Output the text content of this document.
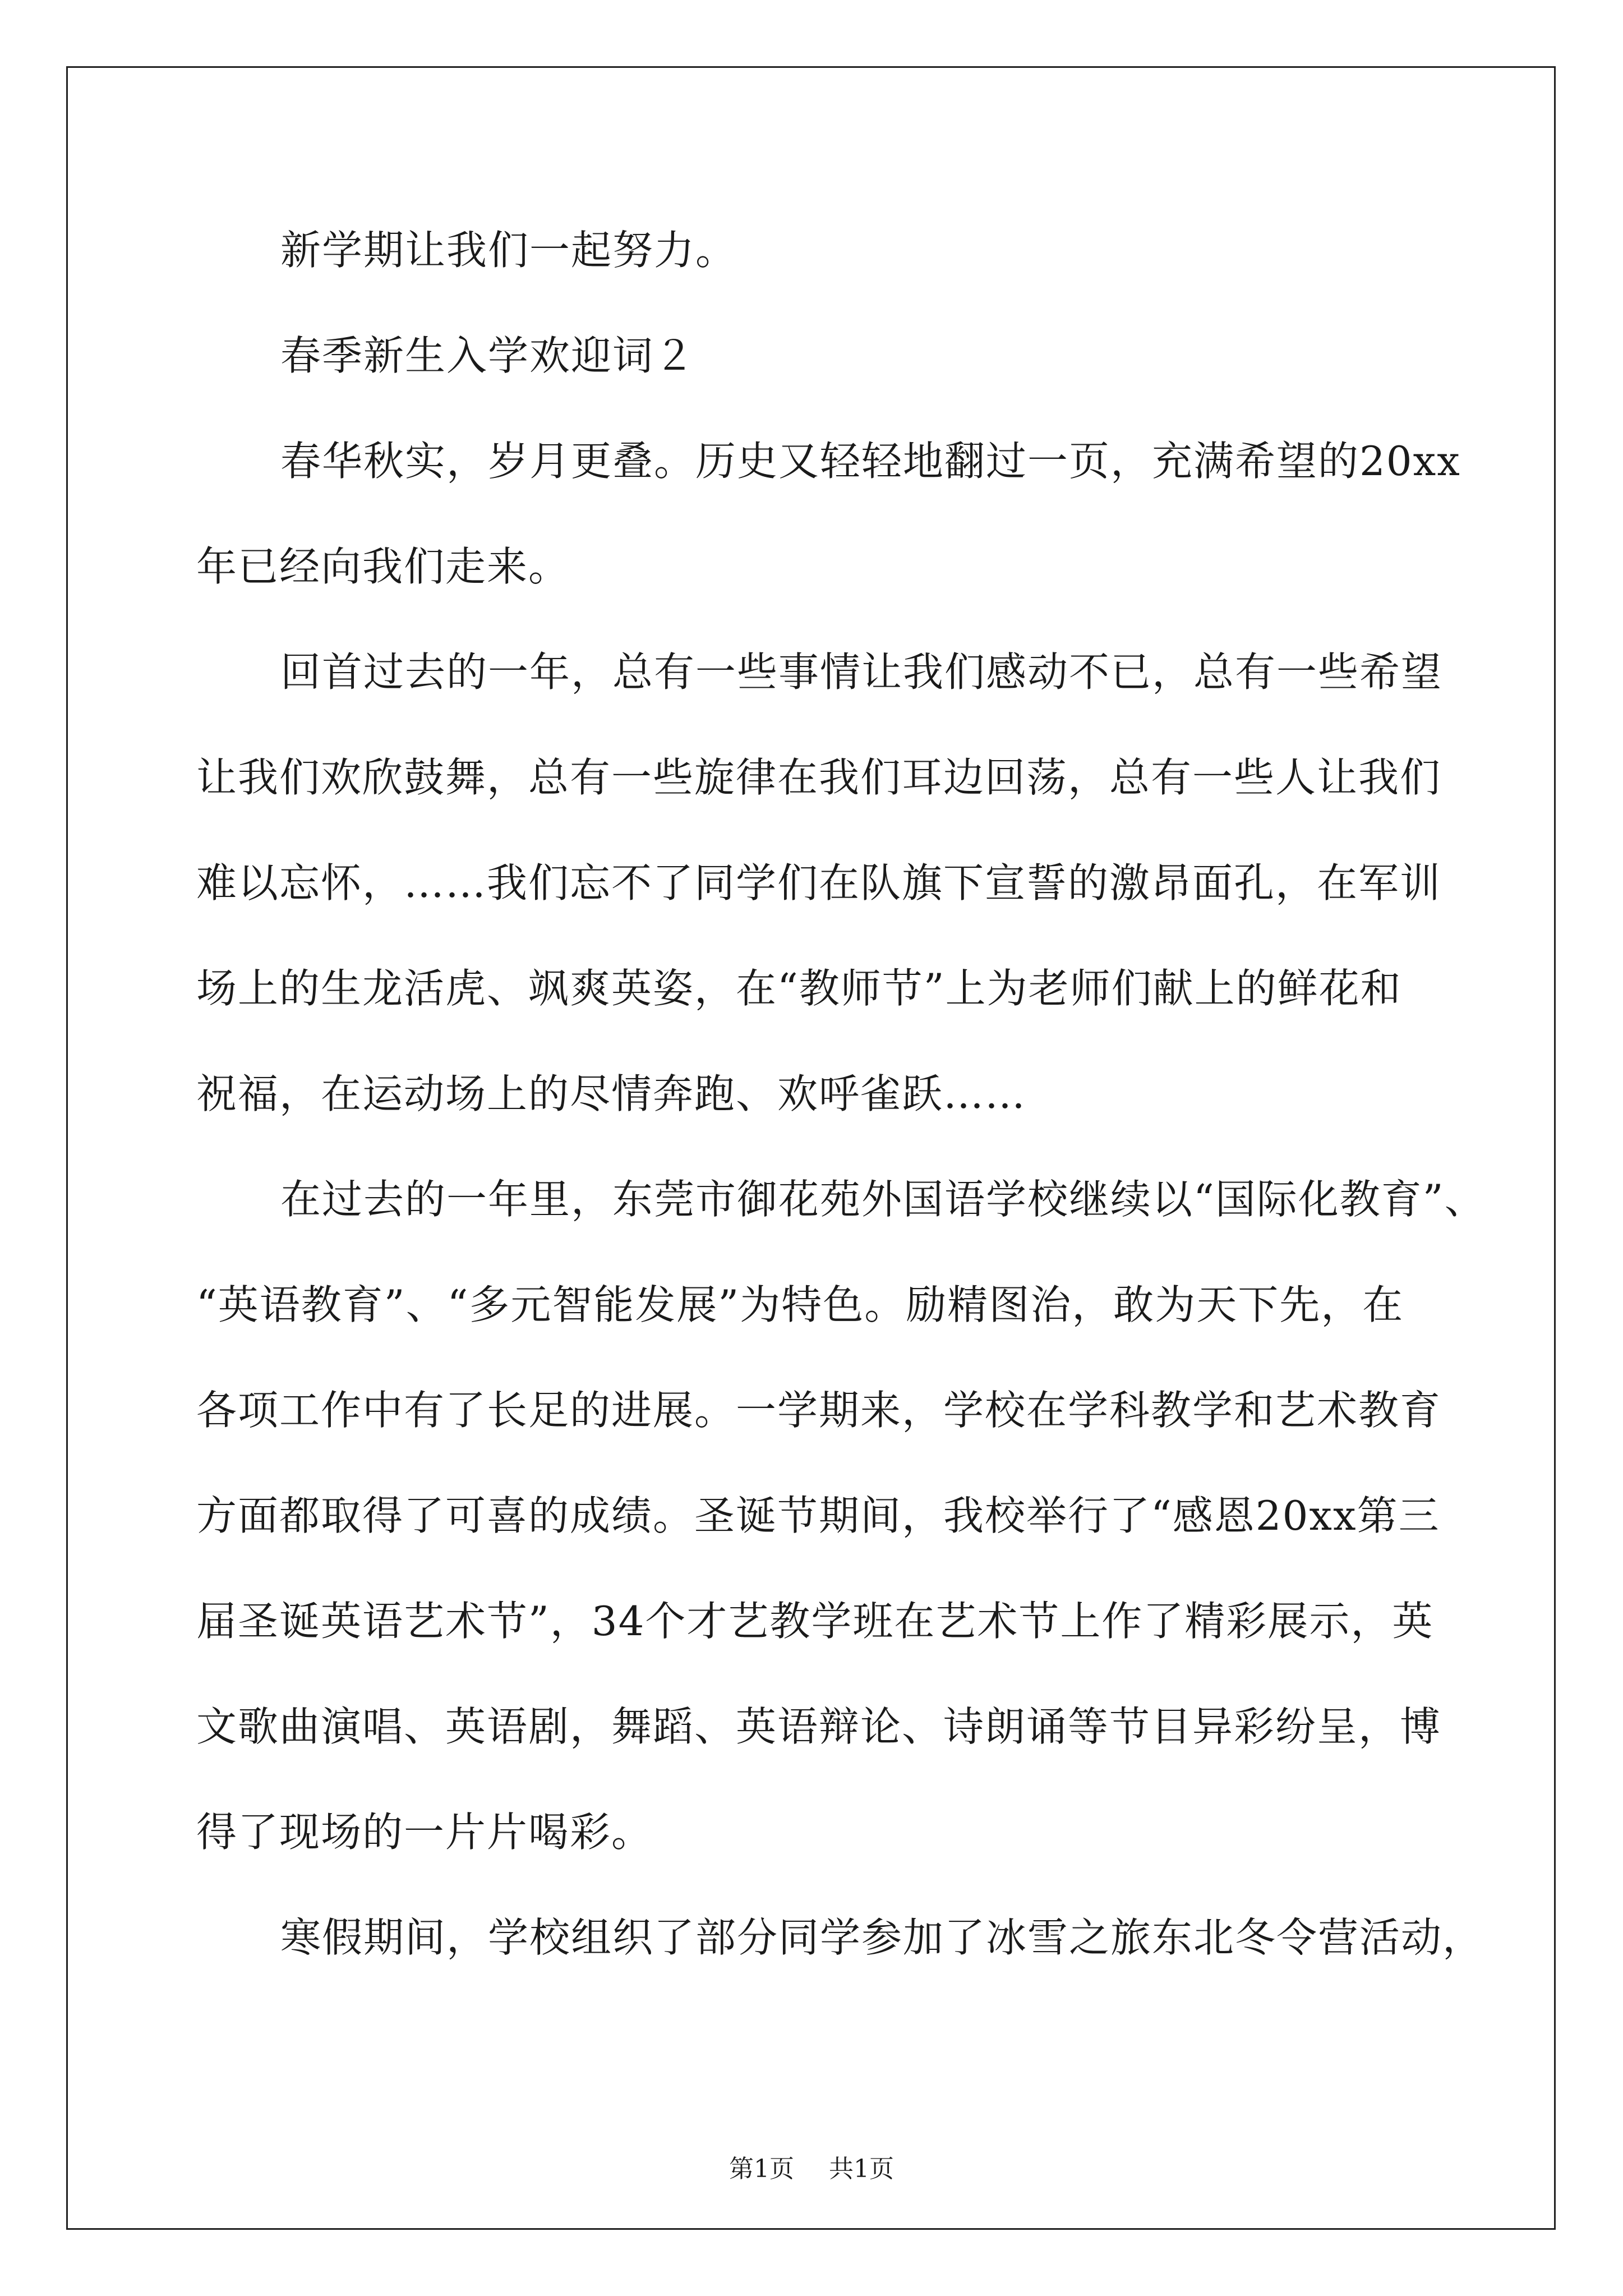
新学期让我们一起努力。
春季新生入学欢迎词２
春华秋实，岁月更叠。历史又轻轻地翻过一页，充满希望的20xx
年已经向我们走来。
回首过去的一年，总有一些事情让我们感动不已，总有一些希望
让我们欢欣鼓舞，总有一些旋律在我们耳边回荡，总有一些人让我们
难以忘怀，……我们忘不了同学们在队旗下宣誓的激昂面孔，在军训
场上的生龙活虎、飒爽英姿，在“教师节”上为老师们献上的鲜花和
祝福，在运动场上的尽情奔跑、欢呼雀跃……
在过去的一年里，东莞市御花苑外国语学校继续以“国际化教育”、
“英语教育”、“多元智能发展”为特色。励精图治，敢为天下先，在
各项工作中有了长足的进展。一学期来，学校在学科教学和艺术教育
方面都取得了可喜的成绩。圣诞节期间，我校举行了“感恩20xx第三
届圣诞英语艺术节”，34个才艺教学班在艺术节上作了精彩展示，英
文歌曲演唱、英语剧，舞蹈、英语辩论、诗朗诵等节目异彩纷呈，博
得了现场的一片片喝彩。
寒假期间，学校组织了部分同学参加了冰雪之旅东北冬令营活动，
第1页 共1页
